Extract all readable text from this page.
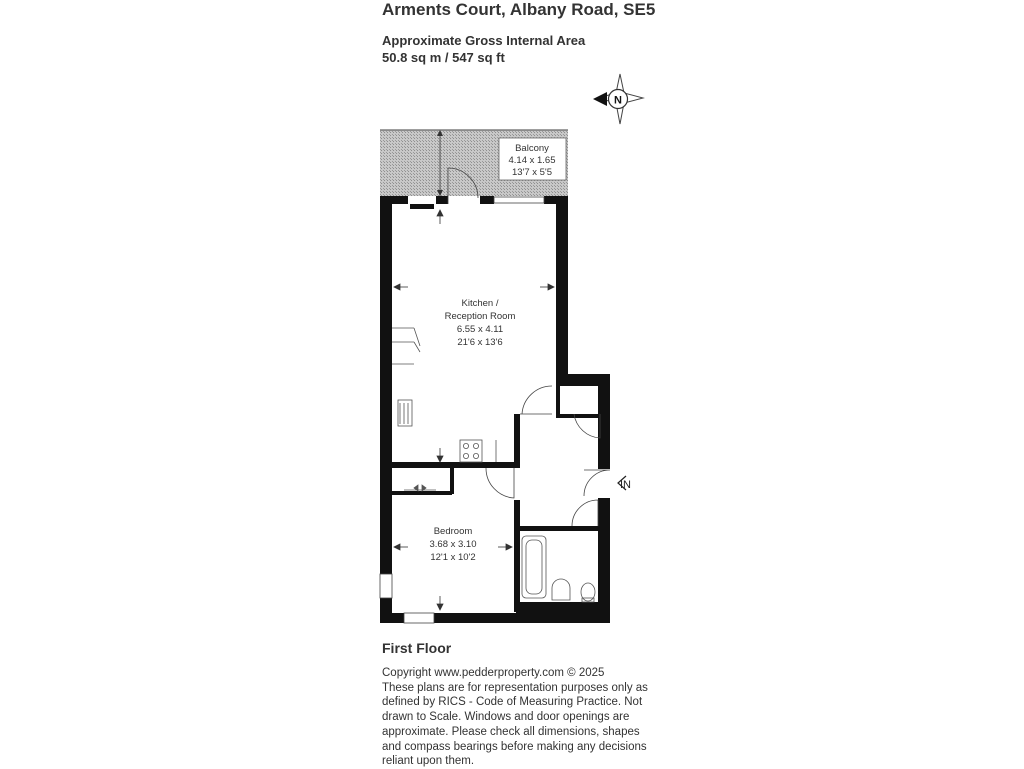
Arments Court, Albany Road, SE5
Approximate Gross Internal Area
50.8 sq m / 547 sq ft
N
Balcony
4.14 x 1.65
13'7 x 5'5
IN
Kitchen /
Reception Room
6.55 x 4.11
21'6 x 13'6
Bedroom
3.68 x 3.10
12'1 x 10'2
First Floor
Copyright www.pedderproperty.com © 2025
These plans are for representation purposes only as
defined by RICS - Code of Measuring Practice. Not
drawn to Scale. Windows and door openings are
approximate. Please check all dimensions, shapes
and compass bearings before making any decisions
reliant upon them.
